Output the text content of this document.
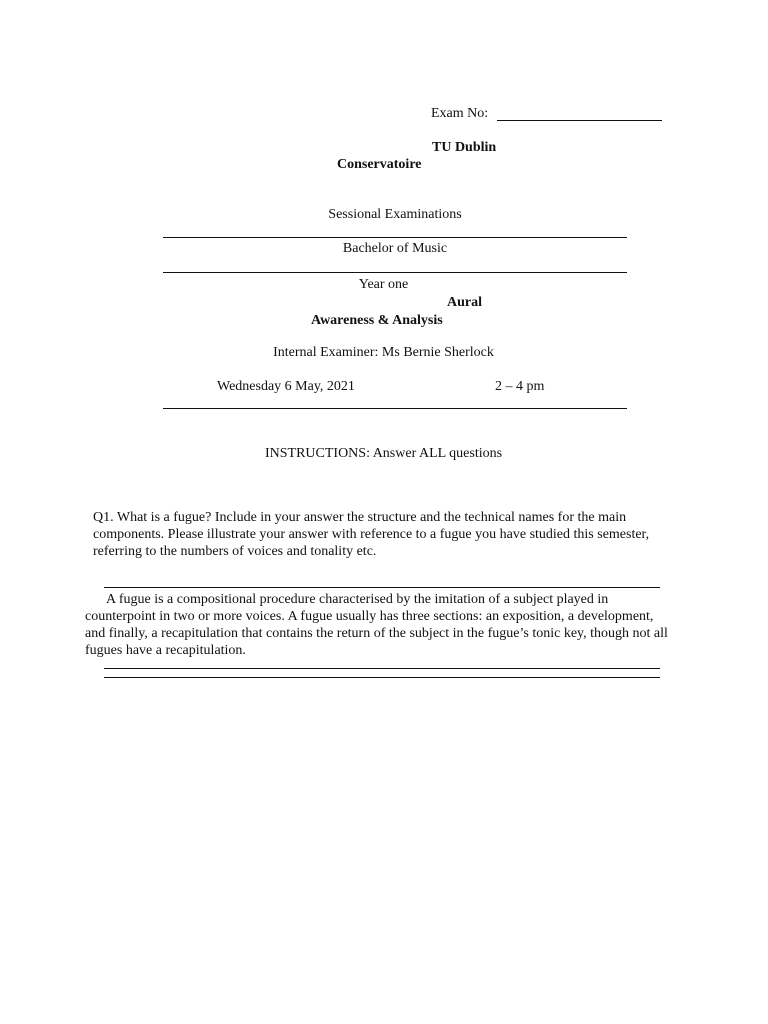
Exam No:
TU Dublin
Conservatoire
Sessional Examinations
Bachelor of Music
Year one
Aural
Awareness & Analysis
Internal Examiner: Ms Bernie Sherlock
Wednesday 6 May, 2021	2 – 4 pm
INSTRUCTIONS: Answer ALL questions
Q1. What is a fugue? Include in your answer the structure and the technical names for the main components. Please illustrate your answer with reference to a fugue you have studied this semester, referring to the numbers of voices and tonality etc.
A fugue is a compositional procedure characterised by the imitation of a subject played in counterpoint in two or more voices. A fugue usually has three sections: an exposition, a development, and finally, a recapitulation that contains the return of the subject in the fugue’s tonic key, though not all fugues have a recapitulation.
